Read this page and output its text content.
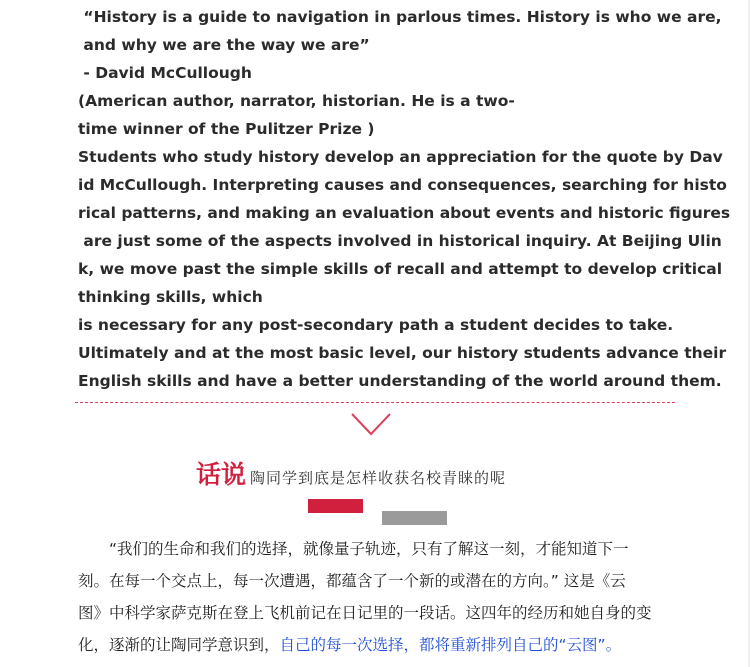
“History is a guide to navigation in parlous times. History is who we are,
and why we are the way we are”
- David McCullough
(American author, narrator, historian. He is a two-
time winner of the Pulitzer Prize )
Students who study history develop an appreciation for the quote by Dav
id McCullough. Interpreting causes and consequences, searching for histo
rical patterns, and making an evaluation about events and historic figures
are just some of the aspects involved in historical inquiry. At Beijing Ulin
k, we move past the simple skills of recall and attempt to develop critical
thinking skills, which
is necessary for any post-secondary path a student decides to take.
Ultimately and at the most basic level, our history students advance their
English skills and have a better understanding of the world around them.
话说 陶同学到底是怎样收获名校青睐的呢
　　“我们的生命和我们的选择，就像量子轨迹，只有了解这一刻，才能知道下一
刻。在每一个交点上，每一次遭遇，都蕴含了一个新的或潜在的方向。” 这是《云
图》中科学家萨克斯在登上飞机前记在日记里的一段话。这四年的经历和她自身的变
化，逐渐的让陶同学意识到，自己的每一次选择，都将重新排列自己的“云图”。
